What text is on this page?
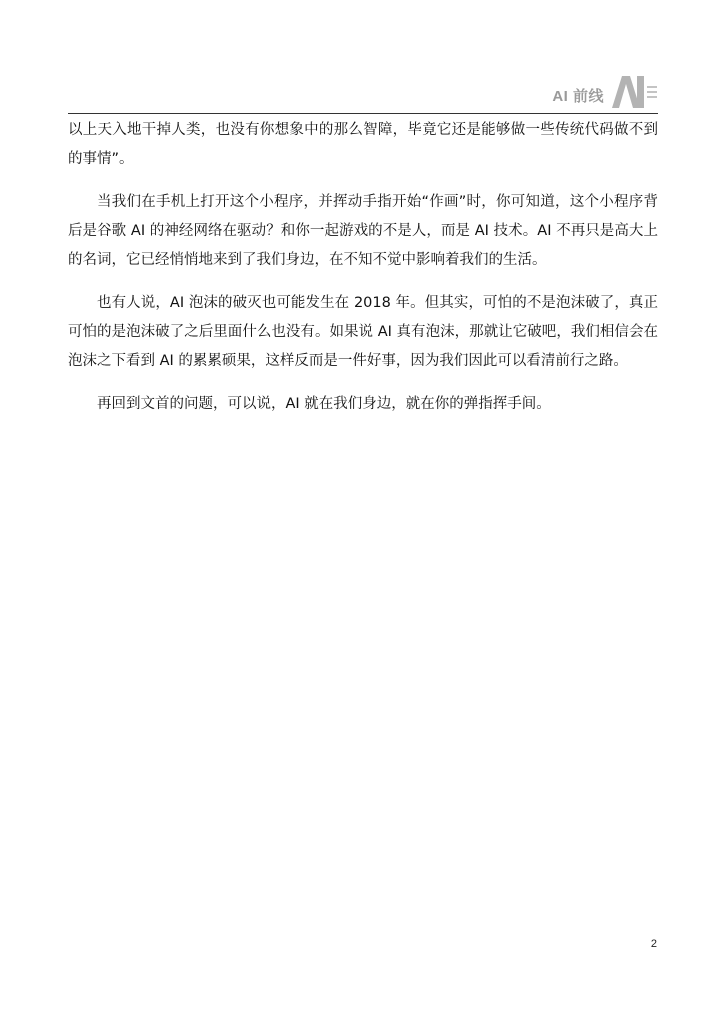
AI 前线

以上天入地干掉人类，也没有你想象中的那么智障，毕竟它还是能够做一些传统代码做不到的事情”。

当我们在手机上打开这个小程序，并挥动手指开始“作画”时，你可知道，这个小程序背后是谷歌 AI 的神经网络在驱动？和你一起游戏的不是人，而是 AI 技术。AI 不再只是高大上的名词，它已经悄悄地来到了我们身边，在不知不觉中影响着我们的生活。

也有人说，AI 泡沫的破灭也可能发生在 2018 年。但其实，可怕的不是泡沫破了，真正可怕的是泡沫破了之后里面什么也没有。如果说 AI 真有泡沫，那就让它破吧，我们相信会在泡沫之下看到 AI 的累累硕果，这样反而是一件好事，因为我们因此可以看清前行之路。

再回到文首的问题，可以说，AI 就在我们身边，就在你的弹指挥手间。

2
